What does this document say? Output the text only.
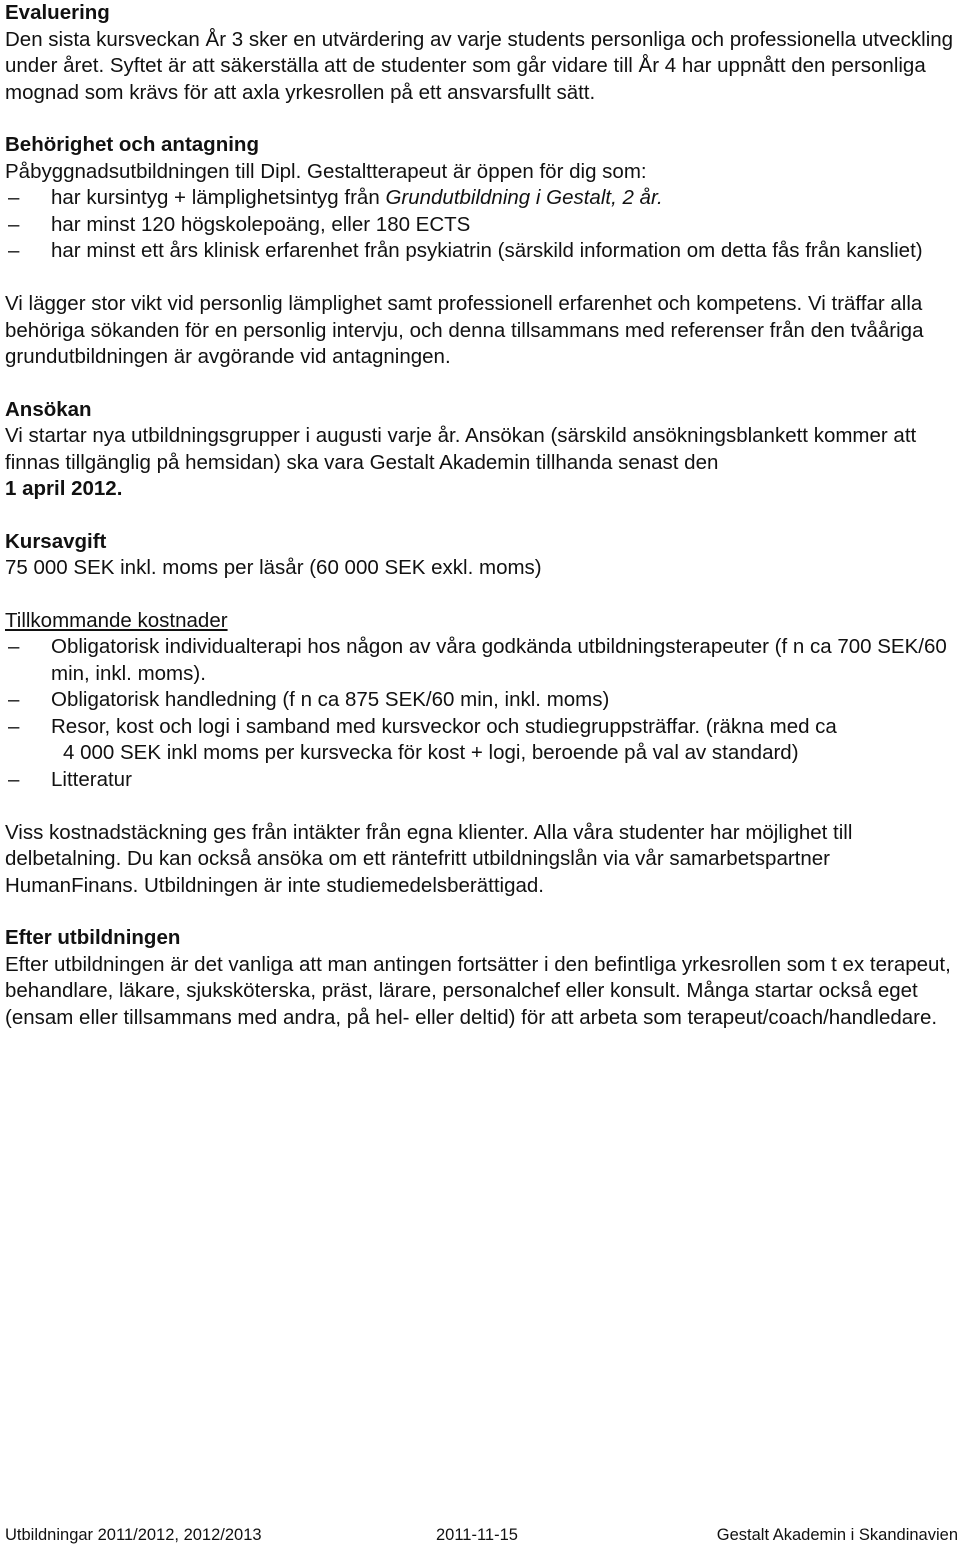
Evaluering

Den sista kursveckan År 3 sker en utvärdering av varje students personliga och professionella utveckling under året. Syftet är att säkerställa att de studenter som går vidare till År 4 har uppnått den personliga mognad som krävs för att axla yrkesrollen på ett ansvarsfullt sätt.

Behörighet och antagning

Påbyggnadsutbildningen till Dipl. Gestaltterapeut är öppen för dig som:

– har kursintyg + lämplighetsintyg från Grundutbildning i Gestalt, 2 år.
– har minst 120 högskolepoäng, eller 180 ECTS
– har minst ett års klinisk erfarenhet från psykiatrin (särskild information om detta fås från kansliet)

Vi lägger stor vikt vid personlig lämplighet samt professionell erfarenhet och kompetens. Vi träffar alla behöriga sökanden för en personlig intervju, och denna tillsammans med referenser från den tvååriga grundutbildningen är avgörande vid antagningen.

Ansökan

Vi startar nya utbildningsgrupper i augusti varje år. Ansökan (särskild ansökningsblankett kommer att finnas tillgänglig på hemsidan) ska vara Gestalt Akademin tillhanda senast den
1 april 2012.

Kursavgift

75 000 SEK inkl. moms per läsår (60 000 SEK exkl. moms)

Tillkommande kostnader

– Obligatorisk individualterapi hos någon av våra godkända utbildningsterapeuter (f n ca 700 SEK/60 min, inkl. moms).
– Obligatorisk handledning (f n ca 875 SEK/60 min, inkl. moms)
– Resor, kost och logi i samband med kursveckor och studiegruppsträffar. (räkna med ca
4 000 SEK inkl moms per kursvecka för kost + logi, beroende på val av standard)
– Litteratur

Viss kostnadstäckning ges från intäkter från egna klienter. Alla våra studenter har möjlighet till delbetalning. Du kan också ansöka om ett räntefritt utbildningslån via vår samarbetspartner HumanFinans. Utbildningen är inte studiemedelsberättigad.

Efter utbildningen

Efter utbildningen är det vanliga att man antingen fortsätter i den befintliga yrkesrollen som t ex terapeut, behandlare, läkare, sjuksköterska, präst, lärare, personalchef eller konsult. Många startar också eget (ensam eller tillsammans med andra, på hel- eller deltid) för att arbeta som terapeut/coach/handledare.

Utbildningar 2011/2012, 2012/2013	2011-11-15	Gestalt Akademin i Skandinavien
